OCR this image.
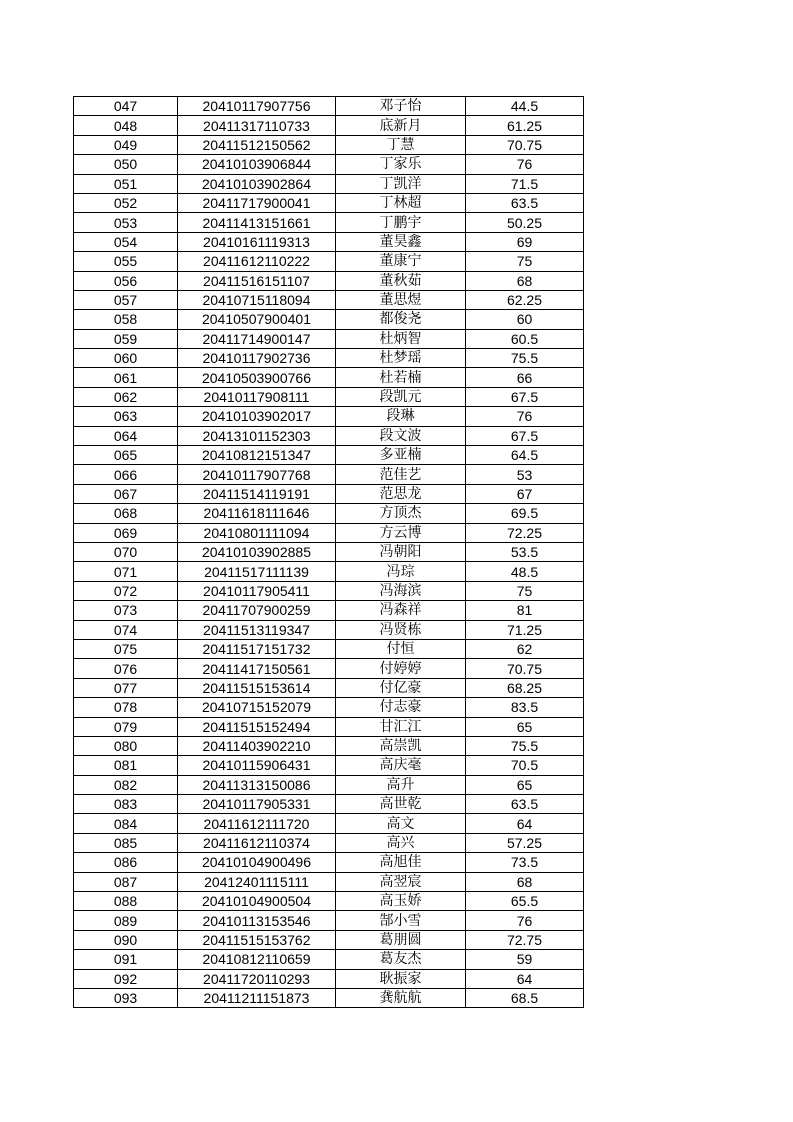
047	20410117907756	邓子怡	44.5
048	20411317110733	底新月	61.25
049	20411512150562	丁慧	70.75
050	20410103906844	丁家乐	76
051	20410103902864	丁凯洋	71.5
052	20411717900041	丁林超	63.5
053	20411413151661	丁鹏宇	50.25
054	20410161119313	董昊鑫	69
055	20411612110222	董康宁	75
056	20411516151107	董秋茹	68
057	20410715118094	董思煜	62.25
058	20410507900401	都俊尧	60
059	20411714900147	杜炳智	60.5
060	20410117902736	杜梦瑶	75.5
061	20410503900766	杜若楠	66
062	20410117908111	段凯元	67.5
063	20410103902017	段琳	76
064	20413101152303	段文波	67.5
065	20410812151347	多亚楠	64.5
066	20410117907768	范佳艺	53
067	20411514119191	范思龙	67
068	20411618111646	方顶杰	69.5
069	20410801111094	方云博	72.25
070	20410103902885	冯朝阳	53.5
071	20411517111139	冯琮	48.5
072	20410117905411	冯海滨	75
073	20411707900259	冯森祥	81
074	20411513119347	冯贤栋	71.25
075	20411517151732	付恒	62
076	20411417150561	付婷婷	70.75
077	20411515153614	付亿豪	68.25
078	20410715152079	付志豪	83.5
079	20411515152494	甘汇江	65
080	20411403902210	高崇凯	75.5
081	20410115906431	高庆毫	70.5
082	20411313150086	高升	65
083	20410117905331	高世乾	63.5
084	20411612111720	高文	64
085	20411612110374	高兴	57.25
086	20410104900496	高旭佳	73.5
087	20412401115111	高翌宸	68
088	20410104900504	高玉娇	65.5
089	20410113153546	郜小雪	76
090	20411515153762	葛朋圆	72.75
091	20410812110659	葛友杰	59
092	20411720110293	耿振家	64
093	20411211151873	龚航航	68.5
